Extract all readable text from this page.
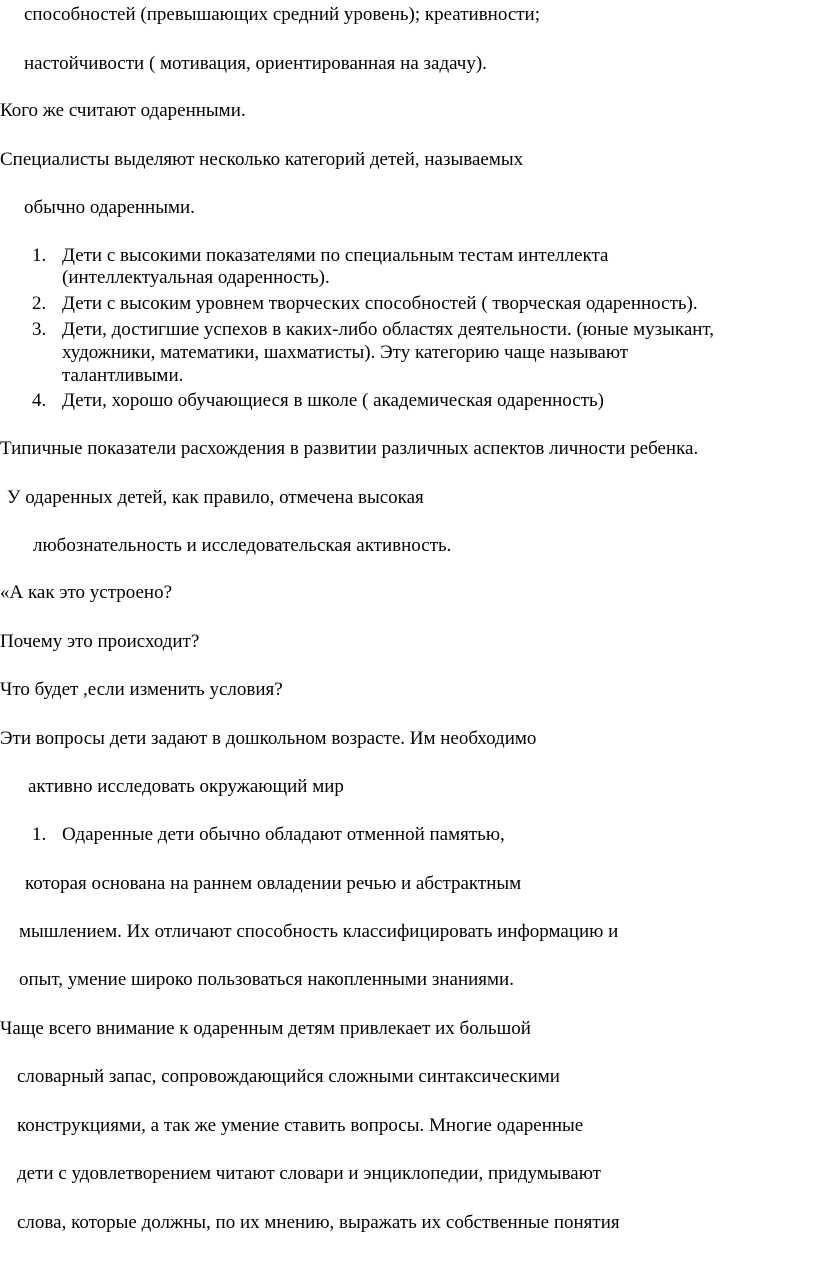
способностей (превышающих средний уровень); креативности;
настойчивости ( мотивация, ориентированная на задачу).
Кого же считают одаренными.
Специалисты выделяют несколько категорий детей, называемых
обычно одаренными.
1. Дети с высокими показателями по специальным тестам интеллекта
(интеллектуальная одаренность).
2. Дети с высоким уровнем творческих способностей ( творческая одаренность).
3. Дети, достигшие успехов в каких-либо областях деятельности. (юные музыкант,
художники, математики, шахматисты). Эту категорию чаще называют
талантливыми.
4. Дети, хорошо обучающиеся в школе ( академическая одаренность)
Типичные показатели расхождения в развитии различных аспектов личности ребенка.
У одаренных детей, как правило, отмечена высокая
любознательность и исследовательская активность.
«А как это устроено?
Почему это происходит?
Что будет ,если изменить условия?
Эти вопросы дети задают в дошкольном возрасте. Им необходимо
активно исследовать окружающий мир
1. Одаренные дети обычно обладают отменной памятью,
которая основана на раннем овладении речью и абстрактным
мышлением. Их отличают способность классифицировать информацию и
опыт, умение широко пользоваться накопленными знаниями.
Чаще всего внимание к одаренным детям привлекает их большой
словарный запас, сопровождающийся сложными синтаксическими
конструкциями, а так же умение ставить вопросы. Многие одаренные
дети с удовлетворением читают словари и энциклопедии, придумывают
слова, которые должны, по их мнению, выражать их собственные понятия
